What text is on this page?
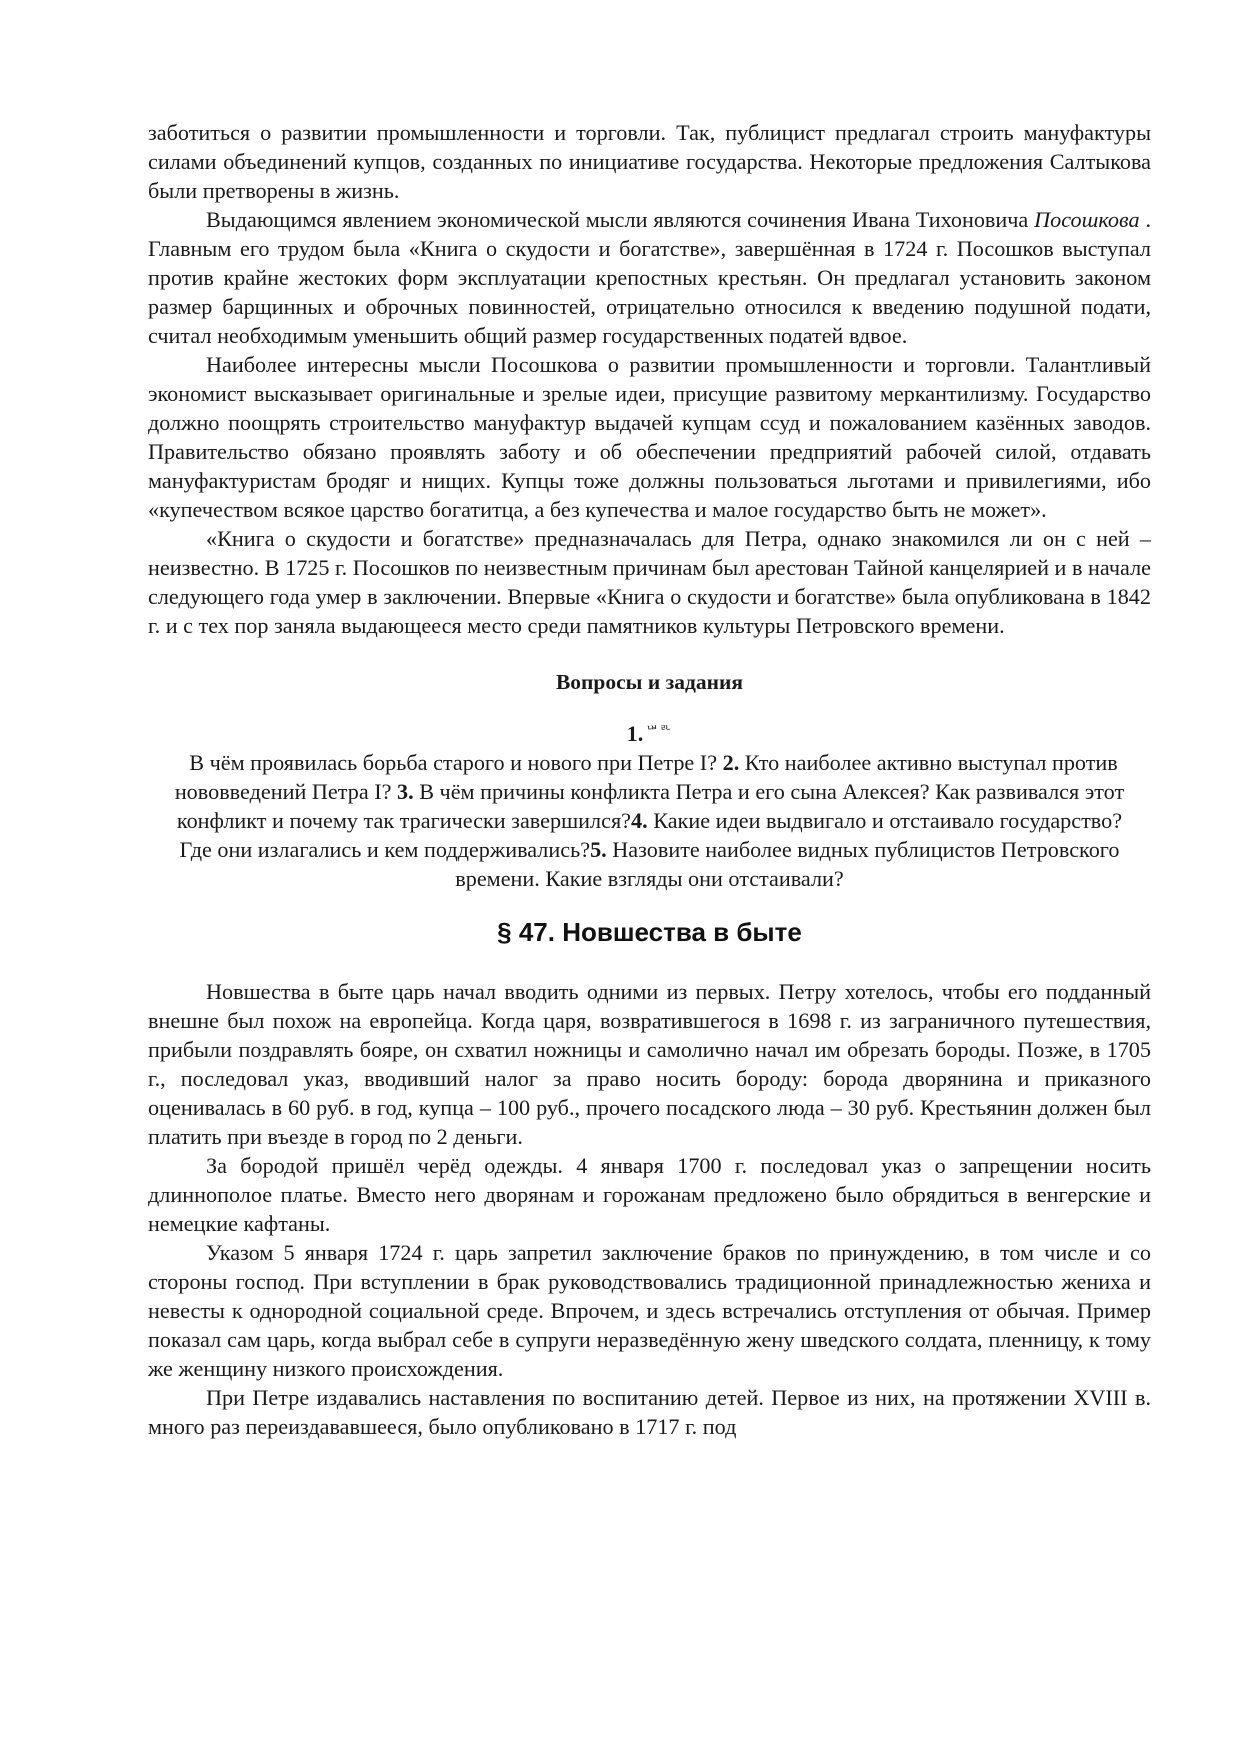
заботиться о развитии промышленности и торговли. Так, публицист предлагал строить мануфактуры силами объединений купцов, созданных по инициативе государства. Некоторые предложения Салтыкова были претворены в жизнь.

Выдающимся явлением экономической мысли являются сочинения Ивана Тихоновича Посошкова . Главным его трудом была «Книга о скудости и богатстве», завершённая в 1724 г. Посошков выступал против крайне жестоких форм эксплуатации крепостных крестьян. Он предлагал установить законом размер барщинных и оброчных повинностей, отрицательно относился к введению подушной подати, считал необходимым уменьшить общий размер государственных податей вдвое.

Наиболее интересны мысли Посошкова о развитии промышленности и торговли. Талантливый экономист высказывает оригинальные и зрелые идеи, присущие развитому меркантилизму. Государство должно поощрять строительство мануфактур выдачей купцам ссуд и пожалованием казённых заводов. Правительство обязано проявлять заботу и об обеспечении предприятий рабочей силой, отдавать мануфактуристам бродяг и нищих. Купцы тоже должны пользоваться льготами и привилегиями, ибо «купечеством всякое царство богатитца, а без купечества и малое государство быть не может».

«Книга о скудости и богатстве» предназначалась для Петра, однако знакомился ли он с ней – неизвестно. В 1725 г. Посошков по неизвестным причинам был арестован Тайной канцелярией и в начале следующего года умер в заключении. Впервые «Книга о скудости и богатстве» была опубликована в 1842 г. и с тех пор заняла выдающееся место среди памятников культуры Петровского времени.

Вопросы и задания
1. ᄖᄘ

В чём проявилась борьба старого и нового при Петре I? 2. Кто наиболее активно выступал против нововведений Петра I? 3. В чём причины конфликта Петра и его сына Алексея? Как развивался этот конфликт и почему так трагически завершился?4. Какие идеи выдвигало и отстаивало государство? Где они излагались и кем поддерживались?5. Назовите наиболее видных публицистов Петровского времени. Какие взгляды они отстаивали?

§ 47. Новшества в быте

Новшества в быте царь начал вводить одними из первых. Петру хотелось, чтобы его подданный внешне был похож на европейца. Когда царя, возвратившегося в 1698 г. из заграничного путешествия, прибыли поздравлять бояре, он схватил ножницы и самолично начал им обрезать бороды. Позже, в 1705 г., последовал указ, вводивший налог за право носить бороду: борода дворянина и приказного оценивалась в 60 руб. в год, купца – 100 руб., прочего посадского люда – 30 руб. Крестьянин должен был платить при въезде в город по 2 деньги.

За бородой пришёл черёд одежды. 4 января 1700 г. последовал указ о запрещении носить длиннополое платье. Вместо него дворянам и горожанам предложено было обрядиться в венгерские и немецкие кафтаны.

Указом 5 января 1724 г. царь запретил заключение браков по принуждению, в том числе и со стороны господ. При вступлении в брак руководствовались традиционной принадлежностью жениха и невесты к однородной социальной среде. Впрочем, и здесь встречались отступления от обычая. Пример показал сам царь, когда выбрал себе в супруги неразведённую жену шведского солдата, пленницу, к тому же женщину низкого происхождения.

При Петре издавались наставления по воспитанию детей. Первое из них, на протяжении XVIII в. много раз переиздававшееся, было опубликовано в 1717 г. под
